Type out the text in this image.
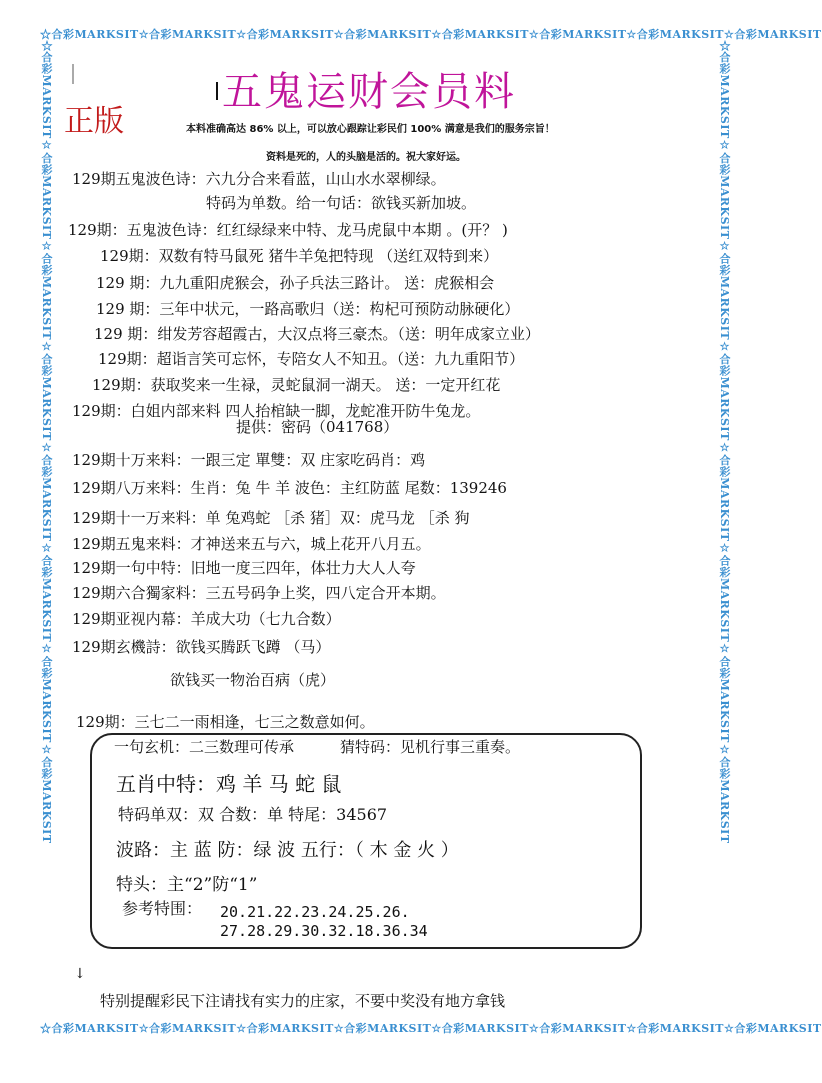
☆合彩MARKSIT☆合彩MARKSIT☆合彩MARKSIT☆合彩MARKSIT☆合彩MARKSIT☆合彩MARKSIT☆合彩MARKSIT☆合彩MARKSIT
☆合彩MARKSIT☆合彩MARKSIT☆合彩MARKSIT☆合彩MARKSIT☆合彩MARKSIT☆合彩MARKSIT☆合彩MARKSIT☆合彩MARKSIT
☆合彩MARKSIT☆合彩MARKSIT☆合彩MARKSIT☆合彩MARKSIT☆合彩MARKSIT☆合彩MARKSIT☆合彩MARKSIT☆合彩MARKSIT	☆合彩MARKSIT☆合彩MARKSIT☆合彩MARKSIT☆合彩MARKSIT☆合彩MARKSIT☆合彩MARKSIT☆合彩MARKSIT☆合彩MARKSIT
五鬼运财会员料
正版	本料准确高达 86% 以上，可以放心跟踪让彩民们 100% 满意是我们的服务宗旨！
资料是死的，人的头脑是活的。祝大家好运。
129期五鬼波色诗：六九分合来看蓝，山山水水翠柳绿。
特码为单数。给一句话：欲钱买新加坡。
129期：五鬼波色诗：红红绿绿来中特、龙马虎鼠中本期 。(开？ )
129期：双数有特马鼠死 猪牛羊兔把特现 （送红双特到来）
129 期：九九重阳虎猴会，孙子兵法三路计。 送：虎猴相会
129 期：三年中状元，一路高歌归（送：构杞可预防动脉硬化）
129 期：绀发芳容超霞古，大汉点将三豪杰。（送：明年成家立业）
129期：超诣言笑可忘怀，专陪女人不知丑。（送：九九重阳节）
129期：获取奖来一生禄，灵蛇鼠洞一湖天。 送：一定开红花
129期：白姐内部来料 四人抬棺缺一脚，龙蛇准开防牛兔龙。
提供：密码（041768）
129期十万来料：一跟三定 單雙：双 庄家吃码肖：鸡
129期八万来料：生肖：兔 牛 羊 波色：主红防蓝 尾数：139246
129期十一万来料：单 兔鸡蛇 ［杀 猪］双：虎马龙 ［杀 狗
129期五鬼来料：才神送来五与六，城上花开八月五。
129期一句中特：旧地一度三四年，体壮力大人人夸
129期六合獨家料：三五号码争上奖，四八定合开本期。
129期亚视内幕：羊成大功（七九合数）
129期玄機詩：欲钱买腾跃飞蹲 （马）
欲钱买一物治百病（虎）
129期：三七二一雨相逢，七三之数意如何。
一句玄机：二三数理可传承	猜特码：见机行事三重奏。
五肖中特：鸡 羊 马 蛇 鼠
特码单双：双 合数：单 特尾：34567
波路：主 蓝 防：绿 波 五行：（ 木 金 火 ）
特头：主“2”防“1”
参考特围： 20.21.22.23.24.25.26.
27.28.29.30.32.18.36.34
↓
特别提醒彩民下注请找有实力的庄家，不要中奖没有地方拿钱
